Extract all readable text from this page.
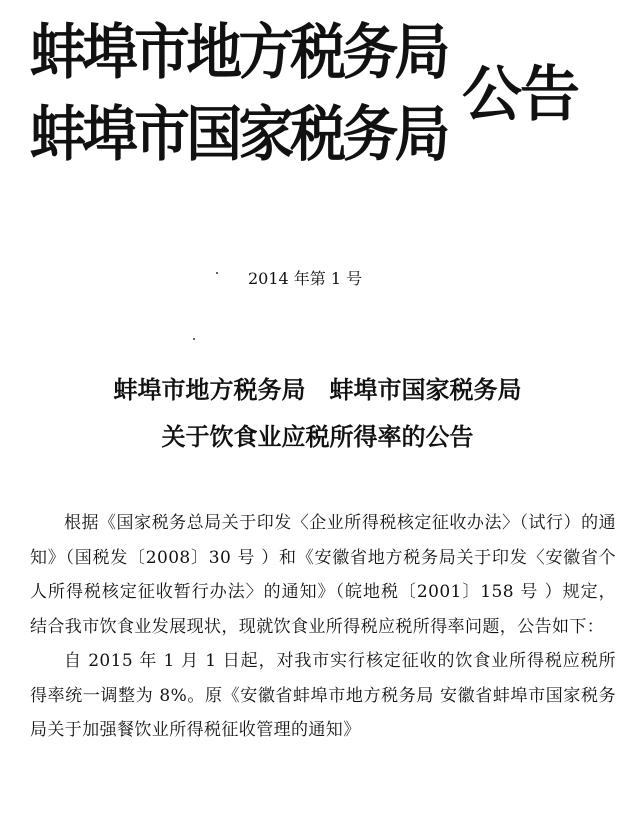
蚌埠市地方税务局
蚌埠市国家税务局
公告
2014 年第 1 号
蚌埠市地方税务局　蚌埠市国家税务局
关于饮食业应税所得率的公告

根据《国家税务总局关于印发〈企业所得税核定征收办法〉（试行）的通知》（国税发〔2008〕30 号 ）和《安徽省地方税务局关于印发〈安徽省个人所得税核定征收暂行办法〉的通知》（皖地税〔2001〕158 号 ）规定，结合我市饮食业发展现状，现就饮食业所得税应税所得率问题，公告如下：

自 2015 年 1 月 1 日起，对我市实行核定征收的饮食业所得税应税所得率统一调整为 8%。原《安徽省蚌埠市地方税务局 安徽省蚌埠市国家税务局关于加强餐饮业所得税征收管理的通知》
